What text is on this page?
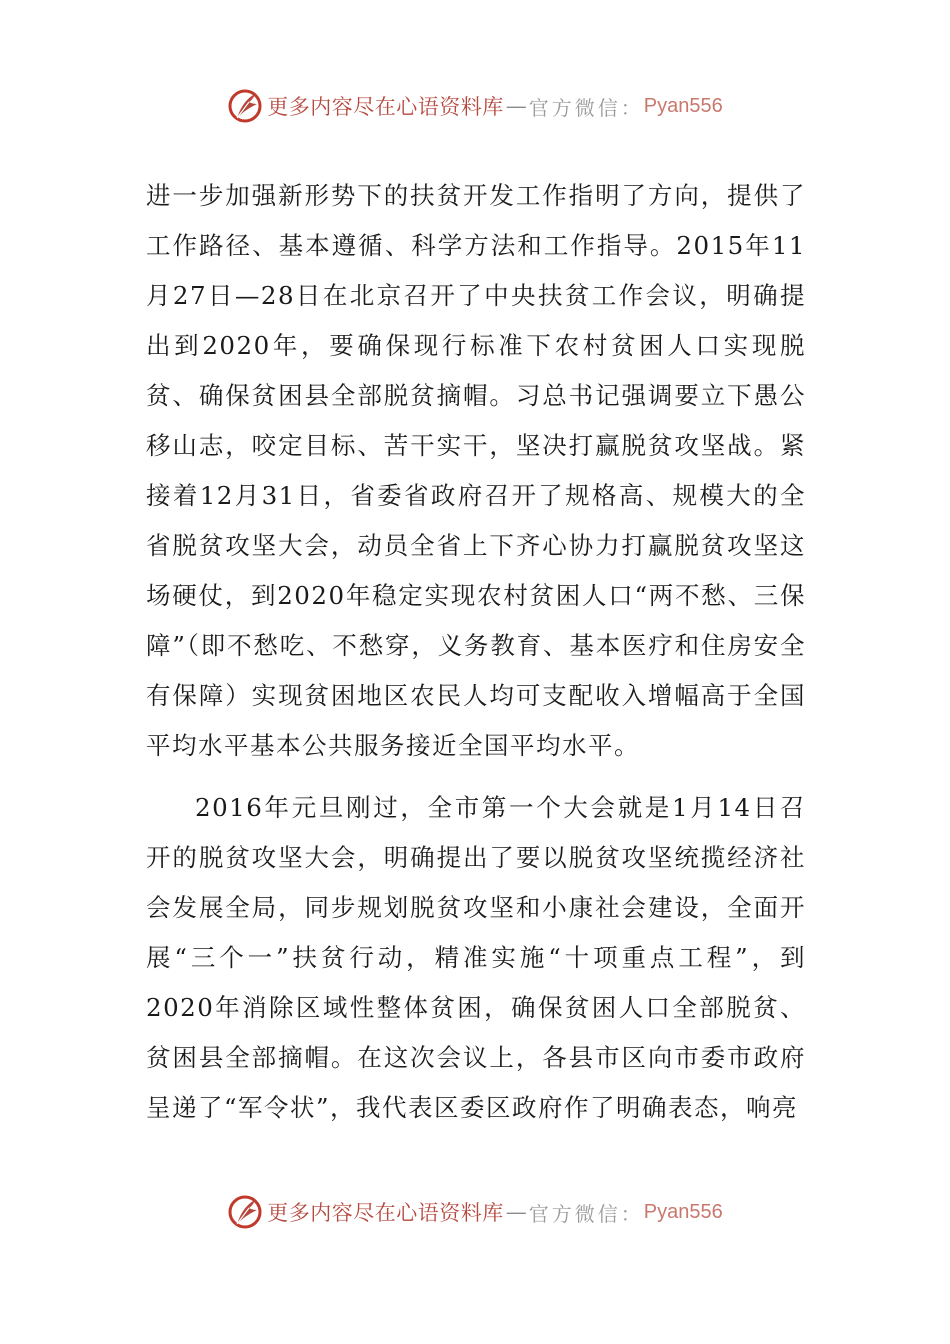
更多内容尽在心语资料库 — 官方微信： Pyan556

进一步加强新形势下的扶贫开发工作指明了方向，提供了工作路径、基本遵循、科学方法和工作指导。2015年11月27日—28日在北京召开了中央扶贫工作会议，明确提出到2020年，要确保现行标准下农村贫困人口实现脱贫、确保贫困县全部脱贫摘帽。习总书记强调要立下愚公移山志，咬定目标、苦干实干，坚决打赢脱贫攻坚战。紧接着12月31日，省委省政府召开了规格高、规模大的全省脱贫攻坚大会，动员全省上下齐心协力打赢脱贫攻坚这场硬仗，到2020年稳定实现农村贫困人口“两不愁、三保障”（即不愁吃、不愁穿，义务教育、基本医疗和住房安全有保障）实现贫困地区农民人均可支配收入增幅高于全国平均水平基本公共服务接近全国平均水平。

2016年元旦刚过，全市第一个大会就是1月14日召开的脱贫攻坚大会，明确提出了要以脱贫攻坚统揽经济社会发展全局，同步规划脱贫攻坚和小康社会建设，全面开展“三个一”扶贫行动，精准实施“十项重点工程”，到2020年消除区域性整体贫困，确保贫困人口全部脱贫、贫困县全部摘帽。在这次会议上，各县市区向市委市政府呈递了“军令状”，我代表区委区政府作了明确表态，响亮

更多内容尽在心语资料库 — 官方微信： Pyan556
